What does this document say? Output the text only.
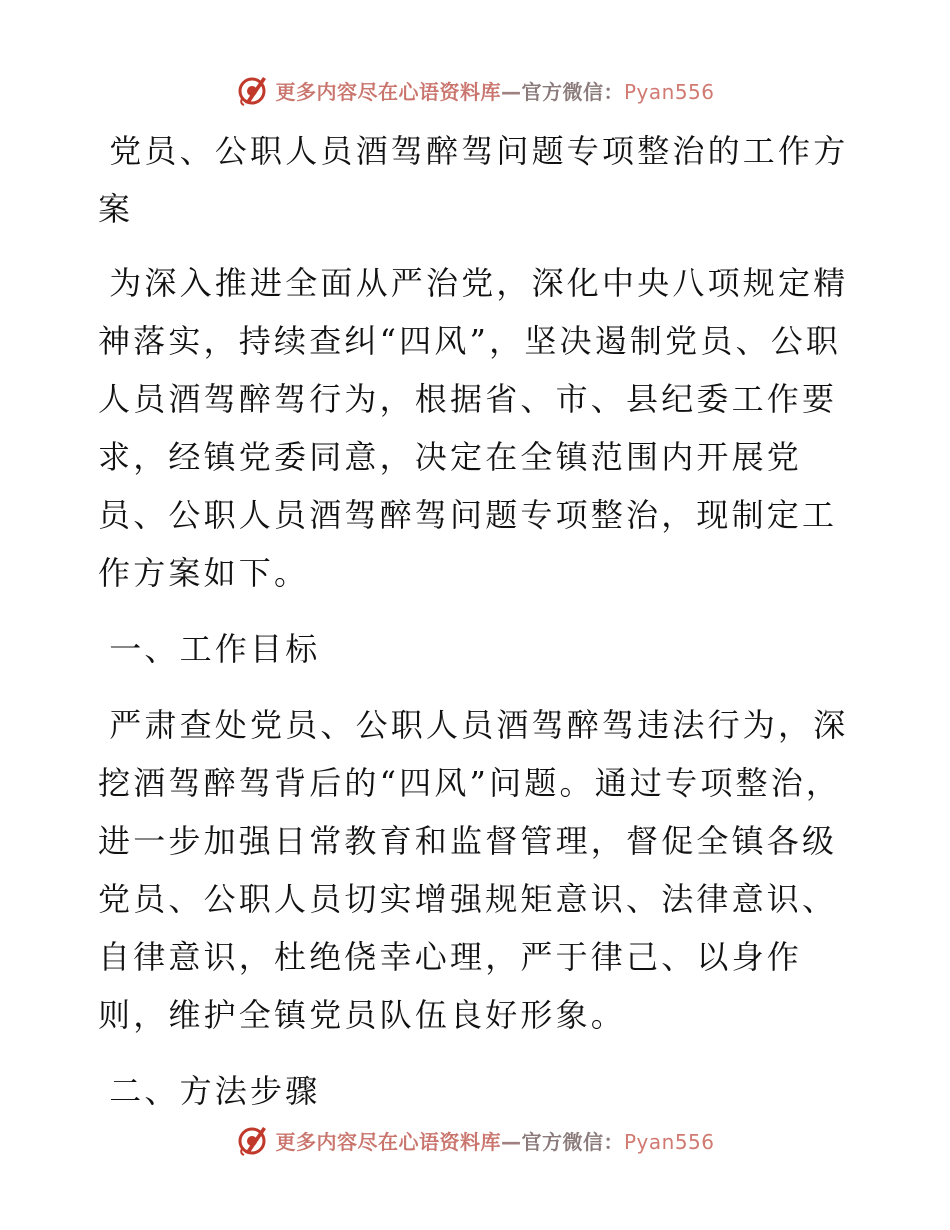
更多内容尽在心语资料库—官方微信：Pyan556

党员、公职人员酒驾醉驾问题专项整治的工作方案

为深入推进全面从严治党，深化中央八项规定精神落实，持续查纠“四风”，坚决遏制党员、公职人员酒驾醉驾行为，根据省、市、县纪委工作要求，经镇党委同意，决定在全镇范围内开展党员、公职人员酒驾醉驾问题专项整治，现制定工作方案如下。

一、工作目标

严肃查处党员、公职人员酒驾醉驾违法行为，深挖酒驾醉驾背后的“四风”问题。通过专项整治，进一步加强日常教育和监督管理，督促全镇各级党员、公职人员切实增强规矩意识、法律意识、自律意识，杜绝侥幸心理，严于律己、以身作则，维护全镇党员队伍良好形象。

二、方法步骤

更多内容尽在心语资料库—官方微信：Pyan556
